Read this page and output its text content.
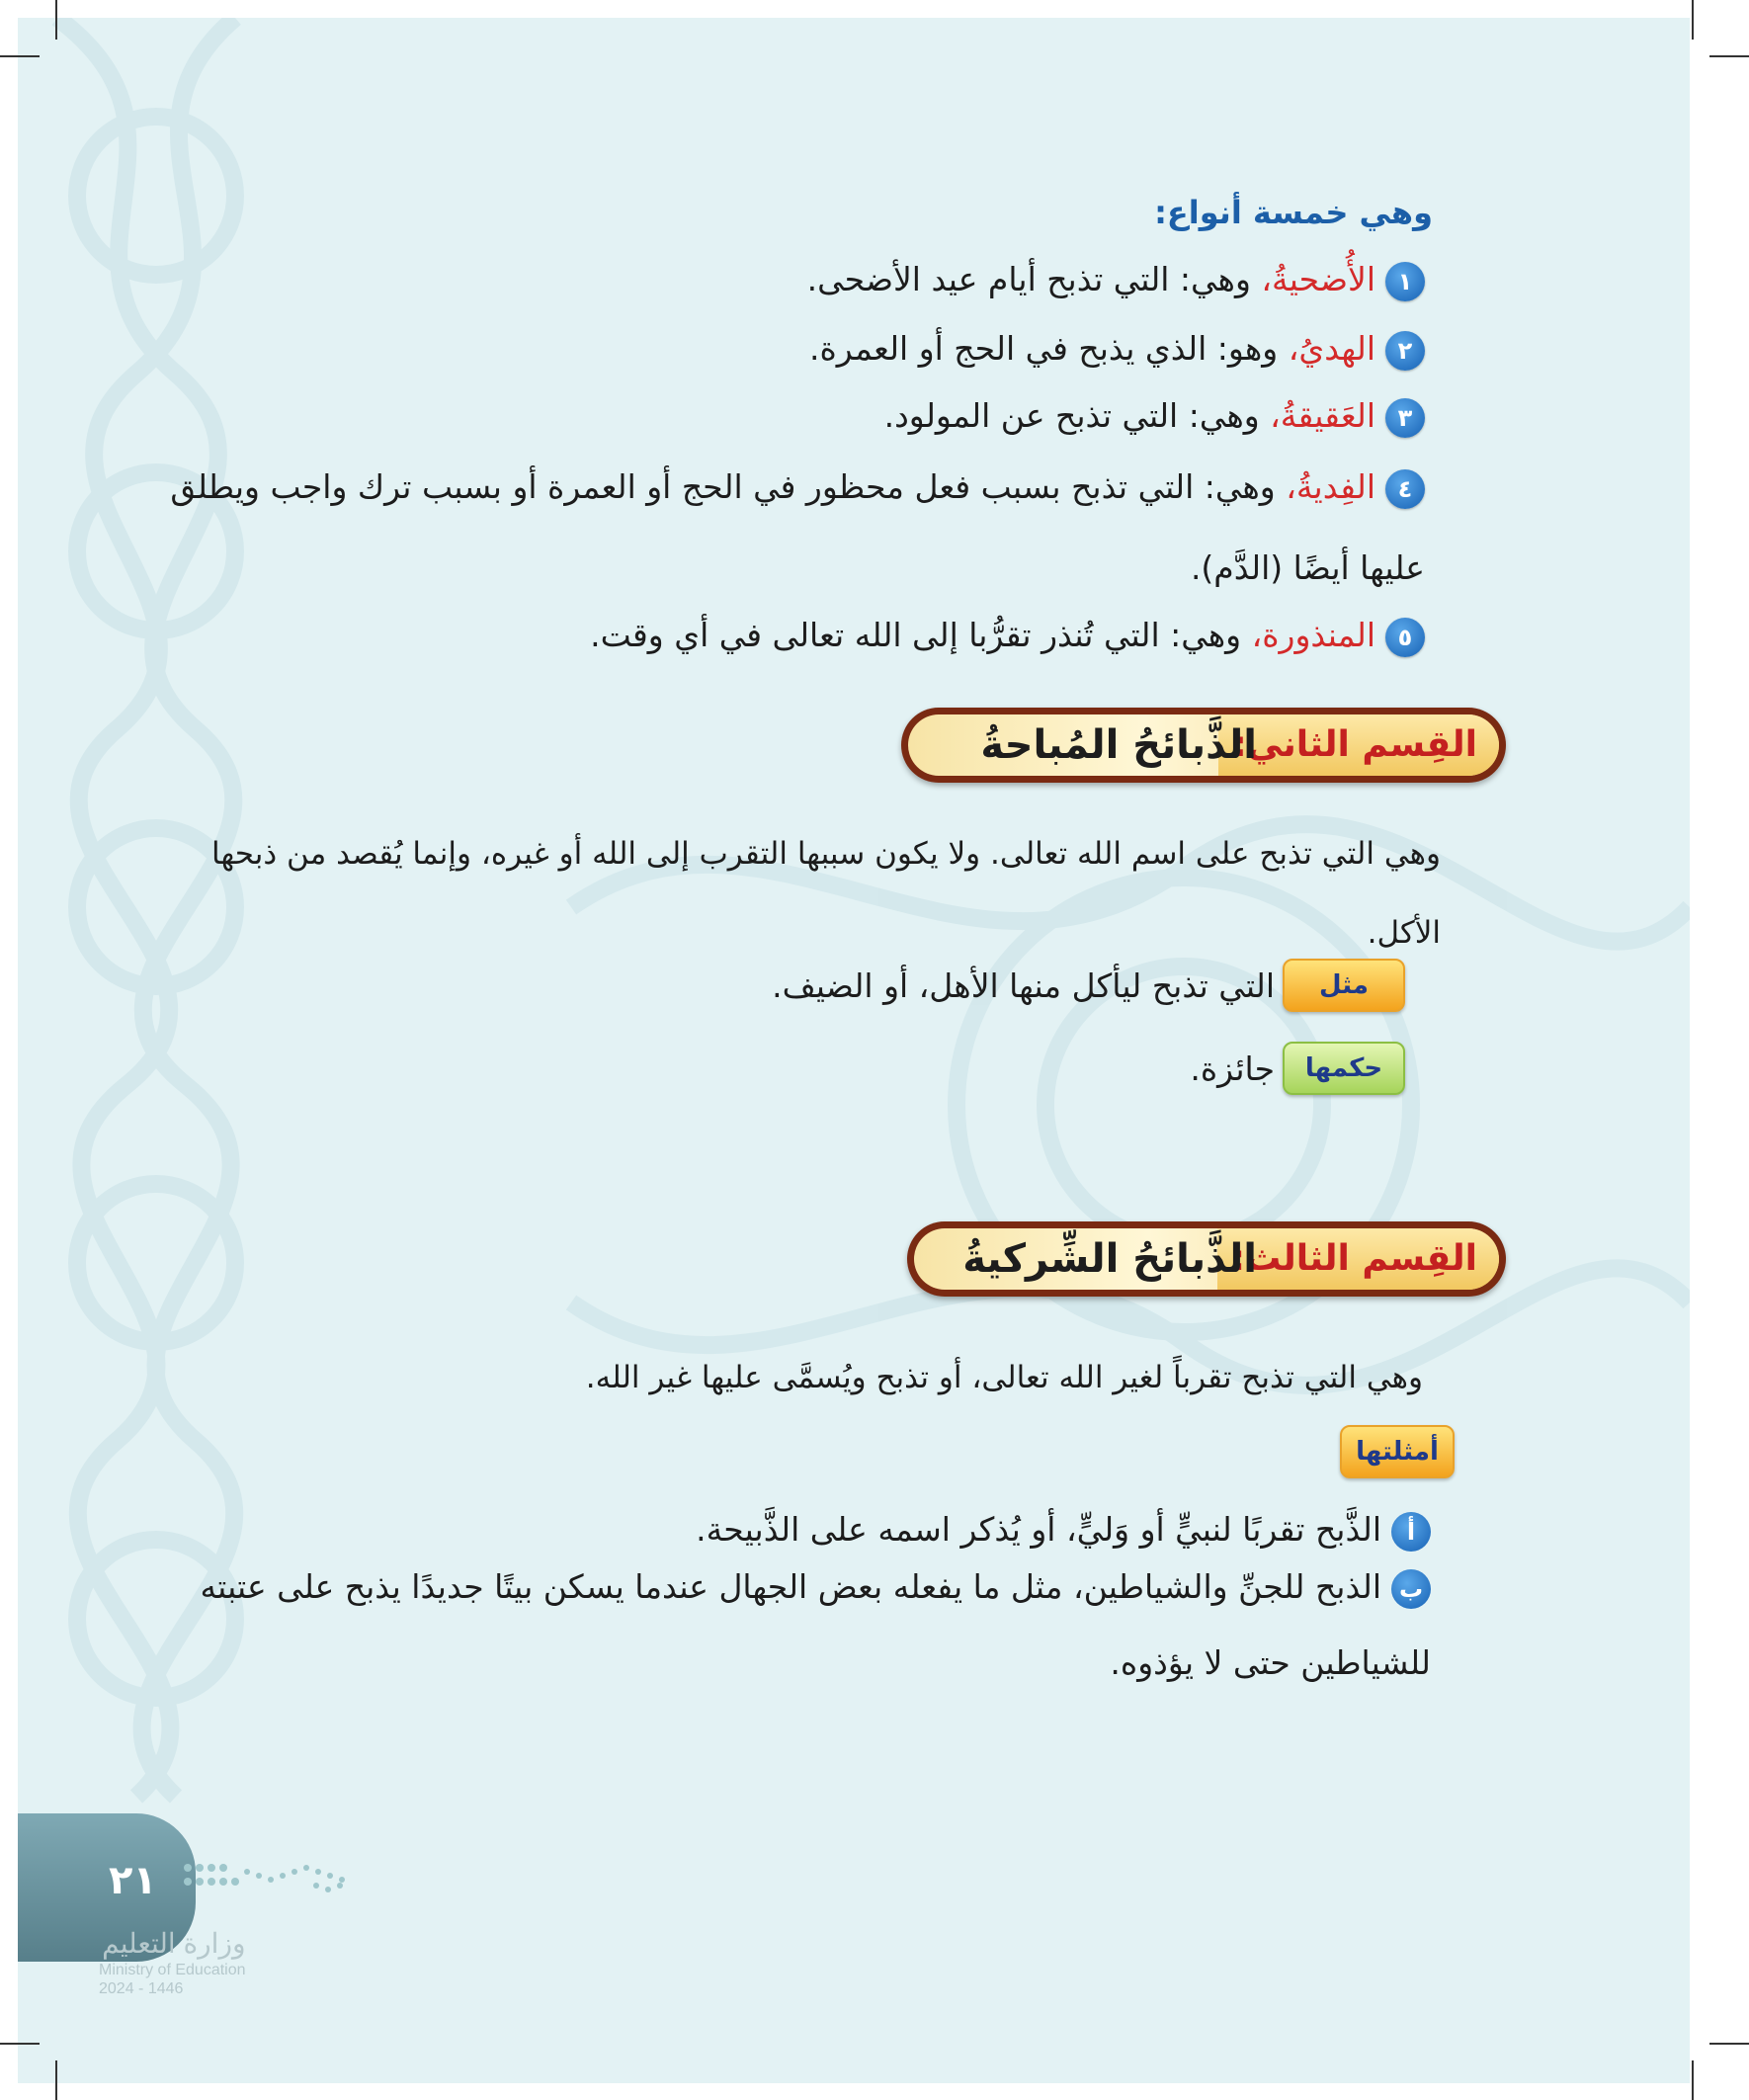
وهي خمسة أنواع:
١الأُضحيةُ، وهي: التي تذبح أيام عيد الأضحى.
٢الهديُ، وهو: الذي يذبح في الحج أو العمرة.
٣العَقيقةُ، وهي: التي تذبح عن المولود.
٤الفِديةُ، وهي: التي تذبح بسبب فعل محظور في الحج أو العمرة أو بسبب ترك واجب ويطلق
عليها أيضًا (الدَّم).
٥المنذورة، وهي: التي تُنذر تقرُّبا إلى الله تعالى في أي وقت.
القِسم الثاني:
الذَّبائحُ المُباحةُ
وهي التي تذبح على اسم الله تعالى. ولا يكون سببها التقرب إلى الله أو غيره، وإنما يُقصد من ذبحها
الأكل.
مثل
التي تذبح ليأكل منها الأهل، أو الضيف.
حكمها
جائزة.
القِسم الثالث:
الذَّبائحُ الشِّركيةُ
وهي التي تذبح تقرباً لغير الله تعالى، أو تذبح ويُسمَّى عليها غير الله.
أمثلتها
أالذَّبح تقربًا لنبيٍّ أو وَليٍّ، أو يُذكر اسمه على الذَّبيحة.
بالذبح للجنِّ والشياطين، مثل ما يفعله بعض الجهال عندما يسكن بيتًا جديدًا يذبح على عتبته
للشياطين حتى لا يؤذوه.
٢١
وزارة التعليم
Ministry of Education
2024 - 1446
